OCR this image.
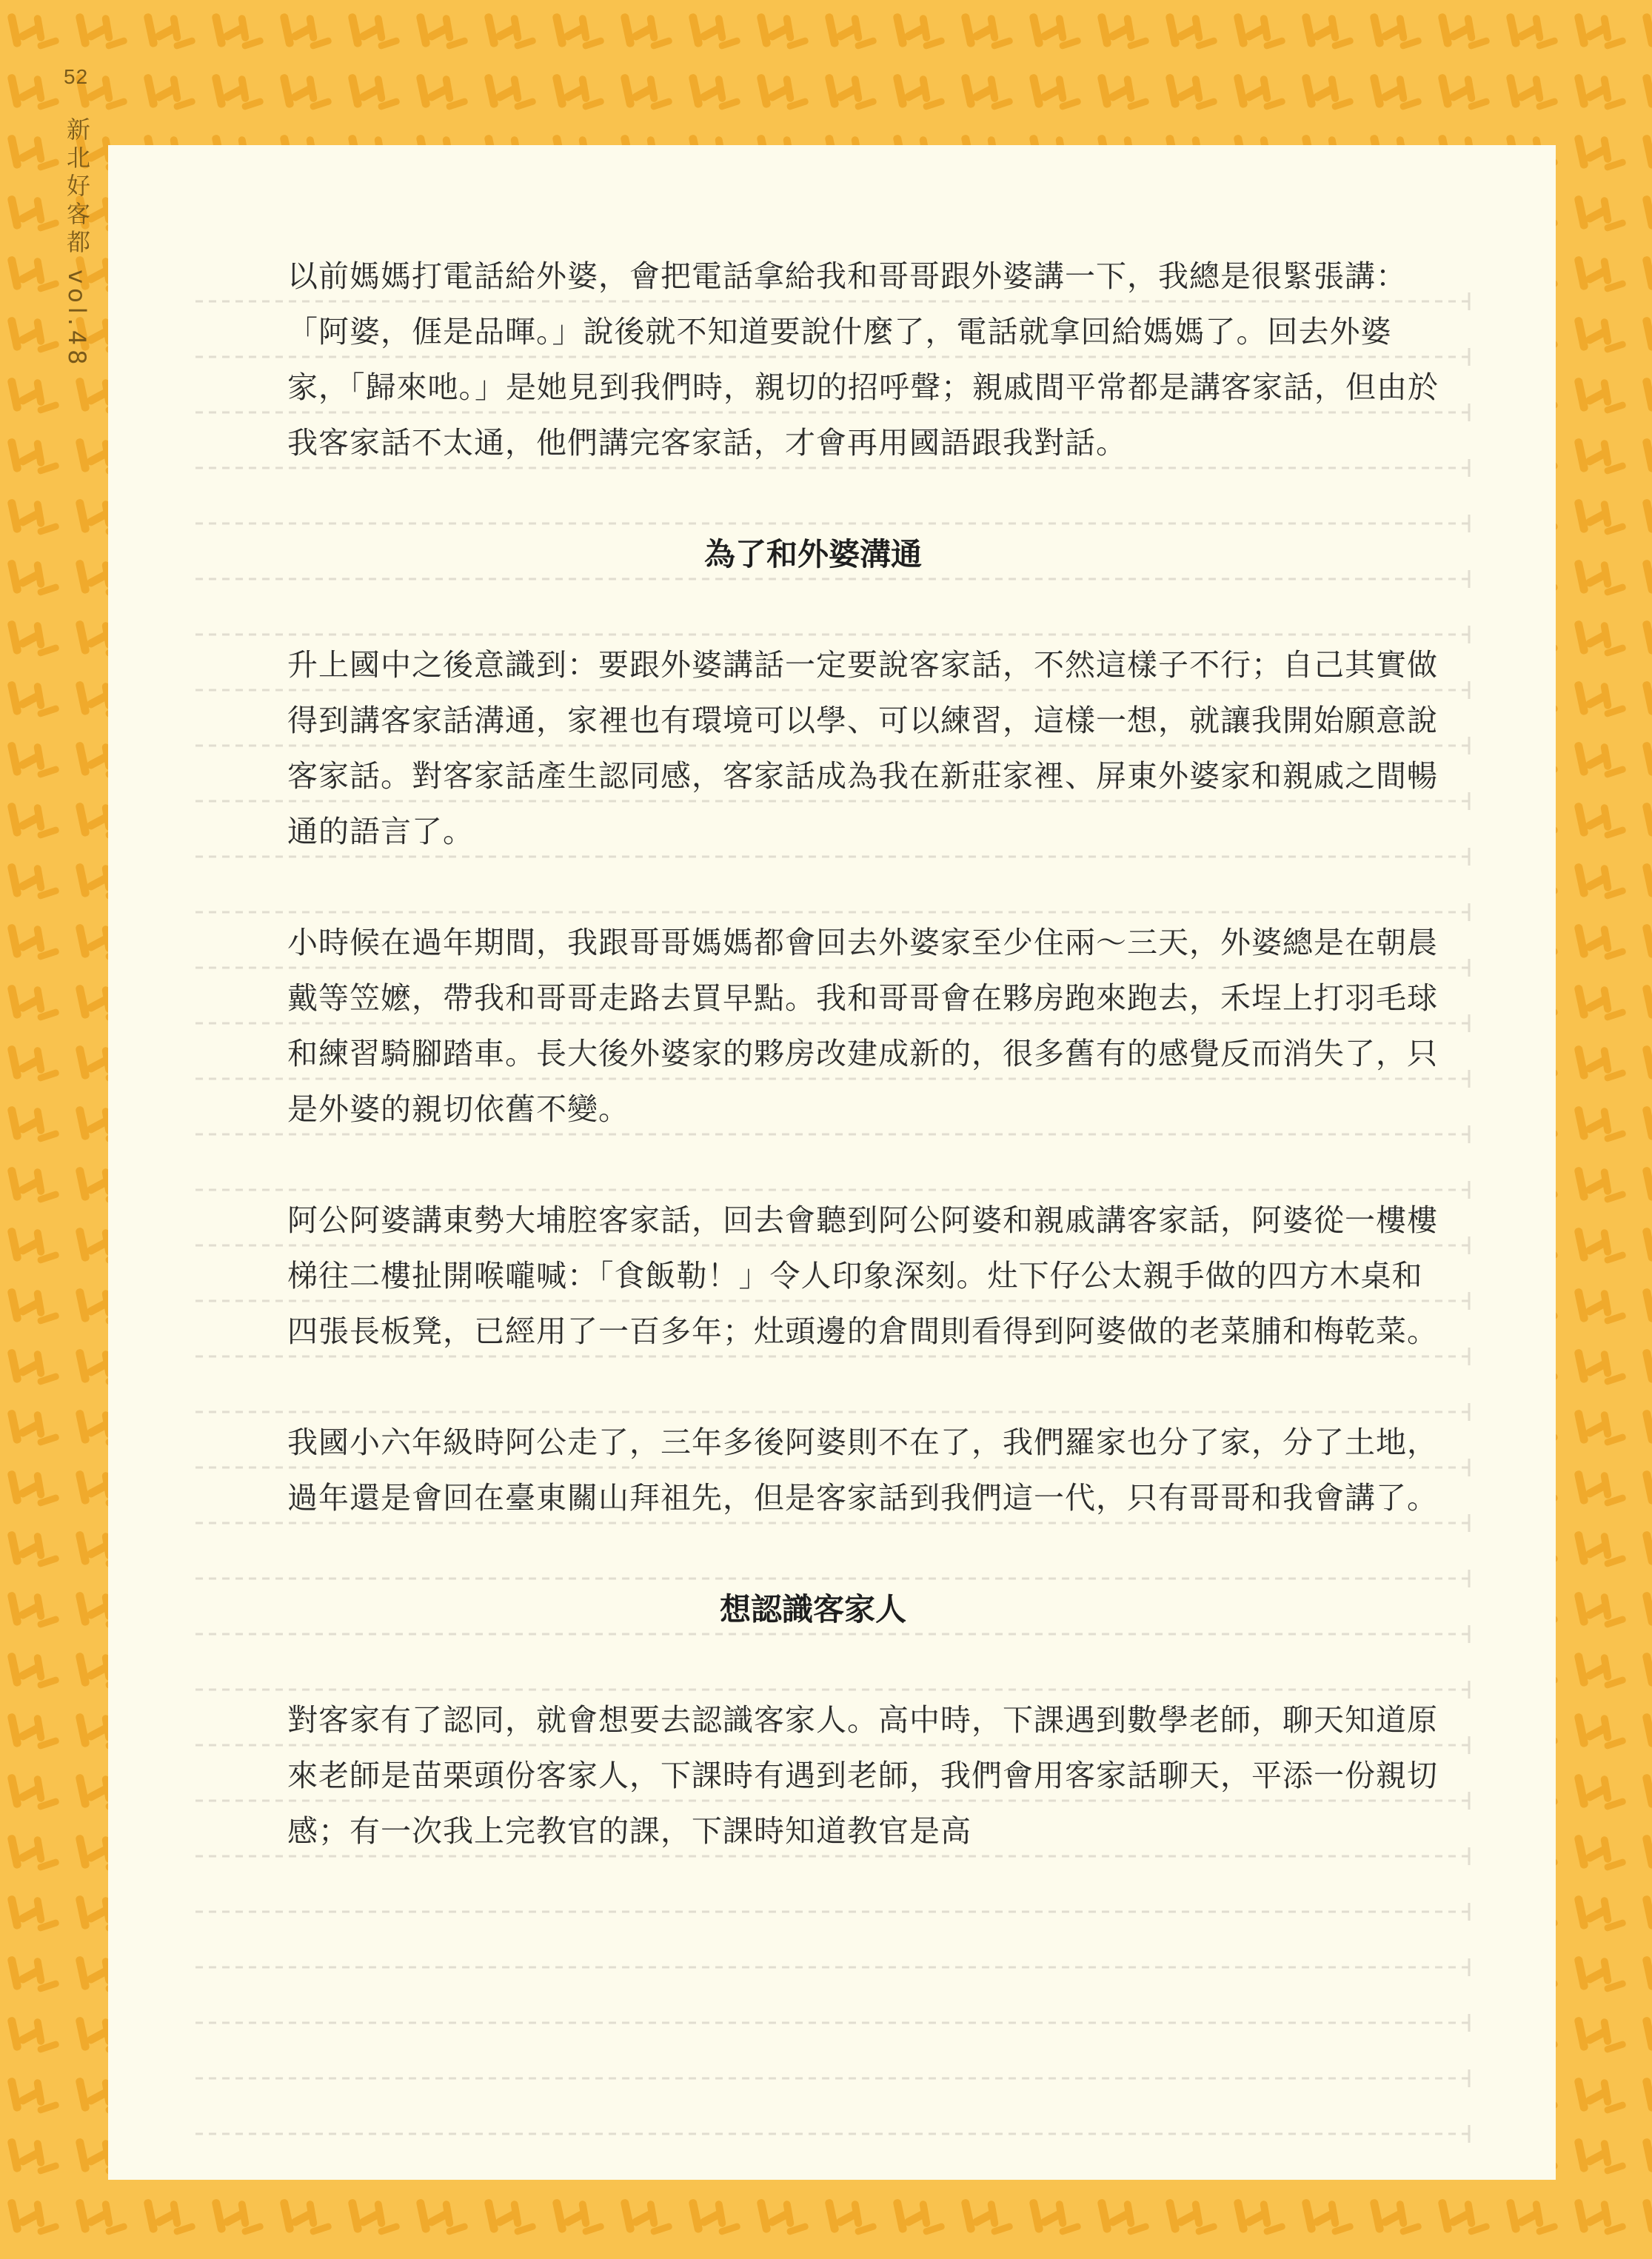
52
新北好客都 vol.48	以前媽媽打電話給外婆，會把電話拿給我和哥哥跟外婆講一下，我總是很緊張講：「阿婆，𠊎是品暉。」說後就不知道要說什麼了，電話就拿回給媽媽了。回去外婆家，「歸來吔。」是她見到我們時，親切的招呼聲；親戚間平常都是講客家話，但由於我客家話不太通，他們講完客家話，才會再用國語跟我對話。

為了和外婆溝通

升上國中之後意識到：要跟外婆講話一定要說客家話，不然這樣子不行；自己其實做得到講客家話溝通，家裡也有環境可以學、可以練習，這樣一想，就讓我開始願意說客家話。對客家話產生認同感，客家話成為我在新莊家裡、屏東外婆家和親戚之間暢通的語言了。

小時候在過年期間，我跟哥哥媽媽都會回去外婆家至少住兩～三天，外婆總是在朝晨戴等笠嬷，帶我和哥哥走路去買早點。我和哥哥會在夥房跑來跑去，禾埕上打羽毛球和練習騎腳踏車。長大後外婆家的夥房改建成新的，很多舊有的感覺反而消失了，只是外婆的親切依舊不變。

阿公阿婆講東勢大埔腔客家話，回去會聽到阿公阿婆和親戚講客家話，阿婆從一樓樓梯往二樓扯開喉嚨喊：「食飯勒！」令人印象深刻。灶下仔公太親手做的四方木桌和四張長板凳，已經用了一百多年；灶頭邊的倉間則看得到阿婆做的老菜脯和梅乾菜。

我國小六年級時阿公走了，三年多後阿婆則不在了，我們羅家也分了家，分了土地，過年還是會回在臺東關山拜祖先，但是客家話到我們這一代，只有哥哥和我會講了。

想認識客家人

對客家有了認同，就會想要去認識客家人。高中時，下課遇到數學老師，聊天知道原來老師是苗栗頭份客家人，下課時有遇到老師，我們會用客家話聊天，平添一份親切感；有一次我上完教官的課，下課時知道教官是高
